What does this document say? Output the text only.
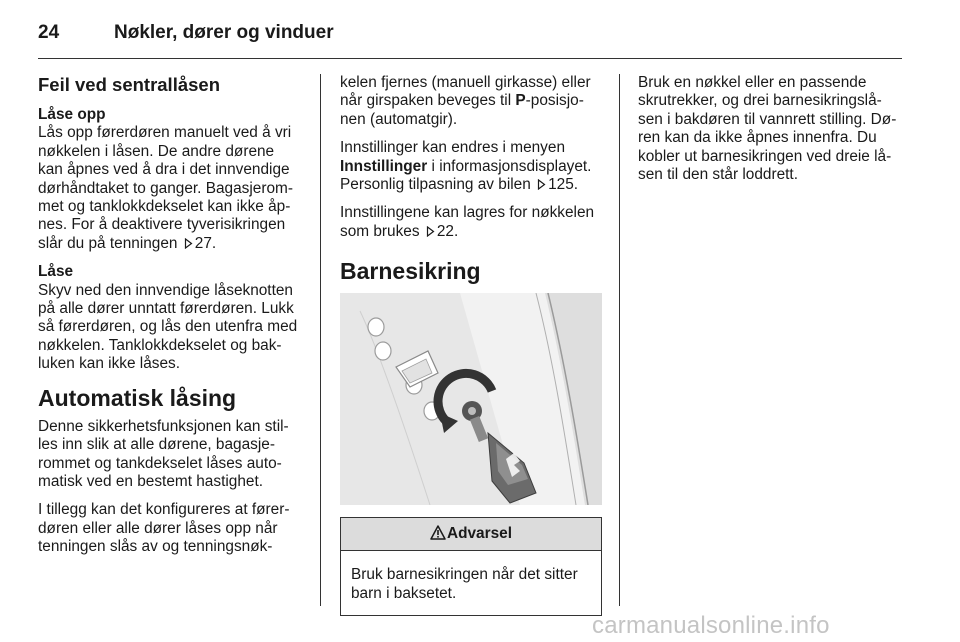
24	Nøkler, dører og vinduer
Feil ved sentrallåsen
Låse opp

Lås opp førerdøren manuelt ved å vri
nøkkelen i låsen. De andre dørene
kan åpnes ved å dra i det innvendige
dørhåndtaket to ganger. Bagasjerom-
met og tanklokkdekselet kan ikke åp-
nes. For å deaktivere tyverisikringen
slår du på tenningen 27.

Låse

Skyv ned den innvendige låseknotten
på alle dører unntatt førerdøren. Lukk
så førerdøren, og lås den utenfra med
nøkkelen. Tanklokkdekselet og bak-
luken kan ikke låses.

Automatisk låsing

Denne sikkerhetsfunksjonen kan stil-
les inn slik at alle dørene, bagasje-
rommet og tankdekselet låses auto-
matisk ved en bestemt hastighet.

I tillegg kan det konfigureres at fører-
døren eller alle dører låses opp når
tenningen slås av og tenningsnøk-

kelen fjernes (manuell girkasse) eller
når girspaken beveges til P-posisjo-
nen (automatgir).

Innstillinger kan endres i menyen
Innstillinger i informasjonsdisplayet.
Personlig tilpasning av bilen 125.

Innstillingene kan lagres for nøkkelen
som brukes 22.

Barnesikring
Advarsel
Bruk barnesikringen når det sitter
barn i baksetet.

Bruk en nøkkel eller en passende
skrutrekker, og drei barnesikringslå-
sen i bakdøren til vannrett stilling. Dø-
ren kan da ikke åpnes innenfra. Du
kobler ut barnesikringen ved dreie lå-
sen til den står loddrett.

carmanualsonline.info
